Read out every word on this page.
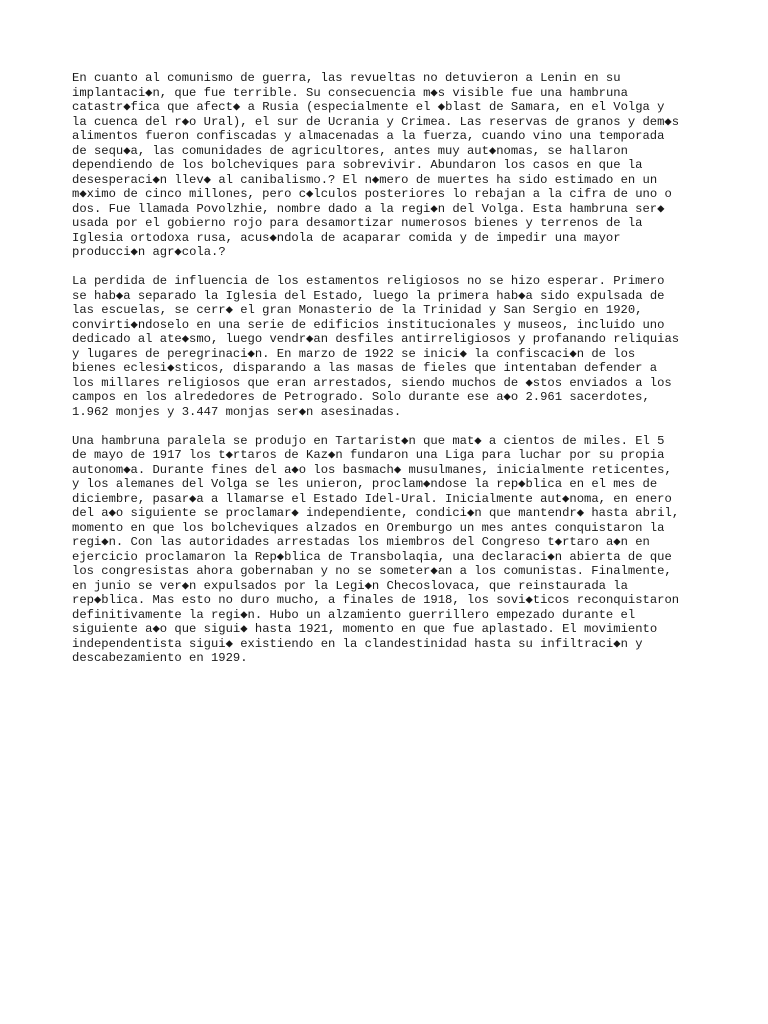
En cuanto al comunismo de guerra, las revueltas no detuvieron a Lenin en su
implantaci◆n, que fue terrible. Su consecuencia m◆s visible fue una hambruna
catastr◆fica que afect◆ a Rusia (especialmente el ◆blast de Samara, en el Volga y
la cuenca del r◆o Ural), el sur de Ucrania y Crimea. Las reservas de granos y dem◆s
alimentos fueron confiscadas y almacenadas a la fuerza, cuando vino una temporada
de sequ◆a, las comunidades de agricultores, antes muy aut◆nomas, se hallaron
dependiendo de los bolcheviques para sobrevivir. Abundaron los casos en que la
desesperaci◆n llev◆ al canibalismo.? El n◆mero de muertes ha sido estimado en un
m◆ximo de cinco millones, pero c◆lculos posteriores lo rebajan a la cifra de uno o
dos. Fue llamada Povolzhie, nombre dado a la regi◆n del Volga. Esta hambruna ser◆
usada por el gobierno rojo para desamortizar numerosos bienes y terrenos de la
Iglesia ortodoxa rusa, acus◆ndola de acaparar comida y de impedir una mayor
producci◆n agr◆cola.?
La perdida de influencia de los estamentos religiosos no se hizo esperar. Primero
se hab◆a separado la Iglesia del Estado, luego la primera hab◆a sido expulsada de
las escuelas, se cerr◆ el gran Monasterio de la Trinidad y San Sergio en 1920,
convirti◆ndoselo en una serie de edificios institucionales y museos, incluido uno
dedicado al ate◆smo, luego vendr◆an desfiles antirreligiosos y profanando reliquias
y lugares de peregrinaci◆n. En marzo de 1922 se inici◆ la confiscaci◆n de los
bienes eclesi◆sticos, disparando a las masas de fieles que intentaban defender a
los millares religiosos que eran arrestados, siendo muchos de ◆stos enviados a los
campos en los alrededores de Petrogrado. Solo durante ese a◆o 2.961 sacerdotes,
1.962 monjes y 3.447 monjas ser◆n asesinadas.
Una hambruna paralela se produjo en Tartarist◆n que mat◆ a cientos de miles. El 5
de mayo de 1917 los t◆rtaros de Kaz◆n fundaron una Liga para luchar por su propia
autonom◆a. Durante fines del a◆o los basmach◆ musulmanes, inicialmente reticentes,
y los alemanes del Volga se les unieron, proclam◆ndose la rep◆blica en el mes de
diciembre, pasar◆a a llamarse el Estado Idel-Ural. Inicialmente aut◆noma, en enero
del a◆o siguiente se proclamar◆ independiente, condici◆n que mantendr◆ hasta abril,
momento en que los bolcheviques alzados en Oremburgo un mes antes conquistaron la
regi◆n. Con las autoridades arrestadas los miembros del Congreso t◆rtaro a◆n en
ejercicio proclamaron la Rep◆blica de Transbolaqia, una declaraci◆n abierta de que
los congresistas ahora gobernaban y no se someter◆an a los comunistas. Finalmente,
en junio se ver◆n expulsados por la Legi◆n Checoslovaca, que reinstaurada la
rep◆blica. Mas esto no duro mucho, a finales de 1918, los sovi◆ticos reconquistaron
definitivamente la regi◆n. Hubo un alzamiento guerrillero empezado durante el
siguiente a◆o que sigui◆ hasta 1921, momento en que fue aplastado. El movimiento
independentista sigui◆ existiendo en la clandestinidad hasta su infiltraci◆n y
descabezamiento en 1929.
